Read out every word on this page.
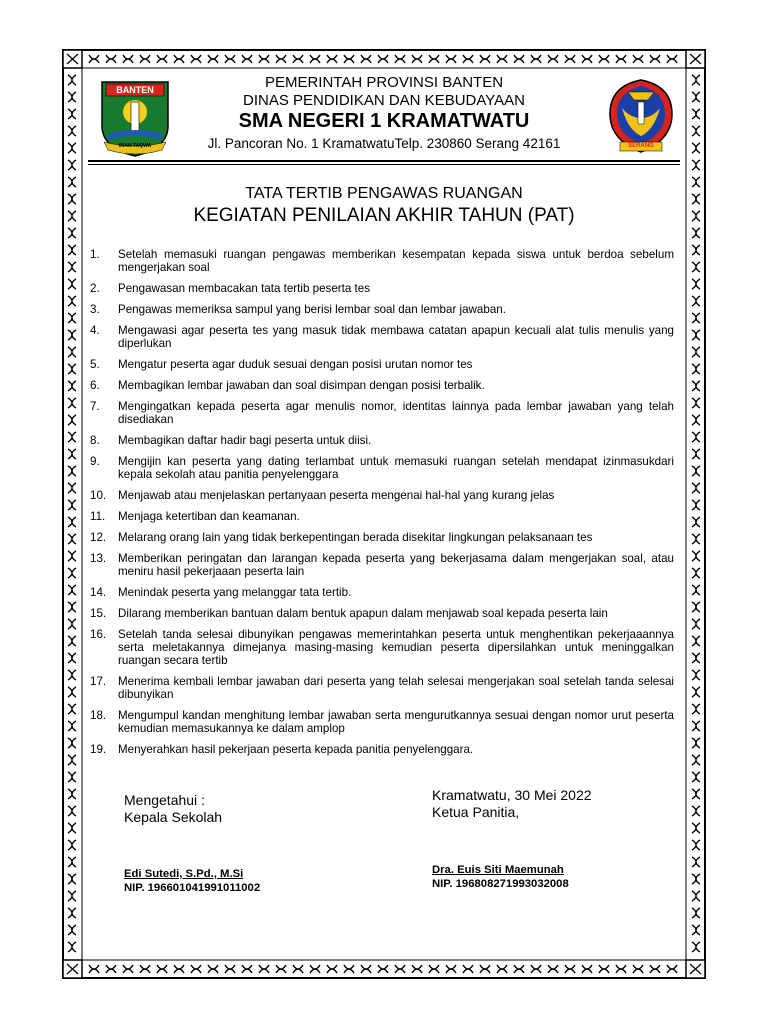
BANTEN
IMAN TAQWA	SERANG
PEMERINTAH PROVINSI BANTEN
DINAS PENDIDIKAN DAN KEBUDAYAAN
SMA NEGERI 1 KRAMATWATU
Jl. Pancoran No. 1 KramatwatuTelp. 230860 Serang 42161
TATA TERTIB PENGAWAS RUANGAN
KEGIATAN PENILAIAN AKHIR TAHUN (PAT)
1. Setelah memasuki ruangan pengawas memberikan kesempatan kepada siswa untuk berdoa sebelum mengerjakan soal
2. Pengawasan membacakan tata tertib peserta tes
3. Pengawas memeriksa sampul yang berisi lembar soal dan lembar jawaban.
4. Mengawasi agar peserta tes yang masuk tidak membawa catatan apapun kecuali alat tulis menulis yang diperlukan
5. Mengatur peserta agar duduk sesuai dengan posisi urutan nomor tes
6. Membagikan lembar jawaban dan soal disimpan dengan posisi terbalik.
7. Mengingatkan kepada peserta agar menulis nomor, identitas lainnya pada lembar jawaban yang telah disediakan
8. Membagikan daftar hadir bagi peserta untuk diisi.
9. Mengijin kan peserta yang dating terlambat untuk memasuki ruangan setelah mendapat izinmasukdari kepala sekolah atau panitia penyelenggara
10. Menjawab atau menjelaskan pertanyaan peserta mengenai hal-hal yang kurang jelas
11. Menjaga ketertiban dan keamanan.
12. Melarang orang lain yang tidak berkepentingan berada disekitar lingkungan pelaksanaan tes
13. Memberikan peringatan dan larangan kepada peserta yang bekerjasama dalam mengerjakan soal, atau meniru hasil pekerjaaan peserta lain
14. Menindak peserta yang melanggar tata tertib.
15. Dilarang memberikan bantuan dalam bentuk apapun dalam menjawab soal kepada peserta lain
16. Setelah tanda selesai dibunyikan pengawas memerintahkan peserta untuk menghentikan pekerjaaannya serta meletakannya dimejanya masing-masing kemudian peserta dipersilahkan untuk meninggalkan ruangan secara tertib
17. Menerima kembali lembar jawaban dari peserta yang telah selesai mengerjakan soal setelah tanda selesai dibunyikan
18. Mengumpul kandan menghitung lembar jawaban serta mengurutkannya sesuai dengan nomor urut peserta kemudian memasukannya ke dalam amplop
19. Menyerahkan hasil pekerjaan peserta kepada panitia penyelenggara.
Mengetahui :
Kepala Sekolah
Kramatwatu, 30 Mei 2022
Ketua Panitia,
Edi Sutedi, S.Pd., M.Si
NIP. 196601041991011002
Dra. Euis Siti Maemunah
NIP. 196808271993032008
